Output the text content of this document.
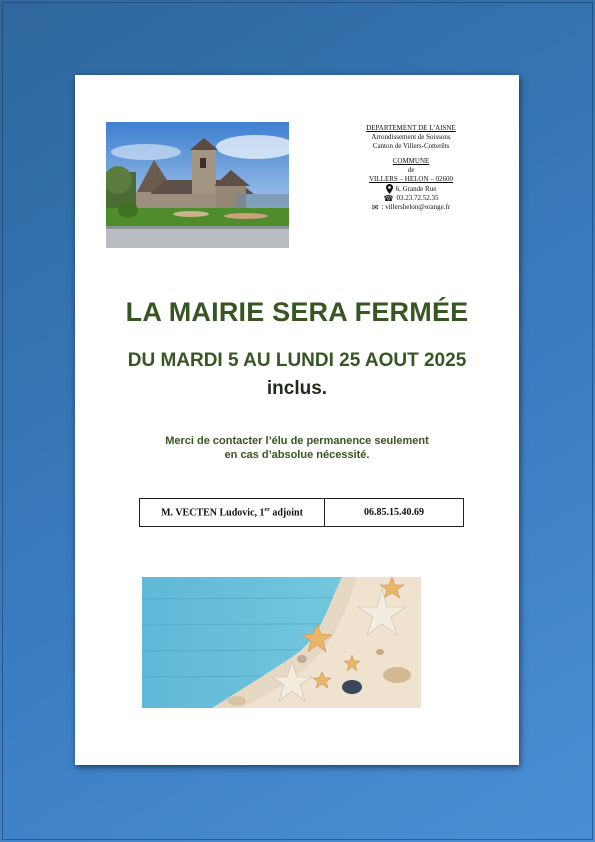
DEPARTEMENT DE L’AISNE
Arrondissement de Soissons
Canton de Villers-Cotterêts
COMMUNE
de
VILLERS – HELON – 02600
6, Grande Rue
☎ 03.23.72.52.35
✉ : villershelon@orange.fr
LA MAIRIE SERA FERMÉE
DU MARDI 5 AU LUNDI 25 AOUT 2025
inclus.
Merci de contacter l’élu de permanence seulement
en cas d’absolue nécessité.
M. VECTEN Ludovic, 1er adjoint	06.85.15.40.69
